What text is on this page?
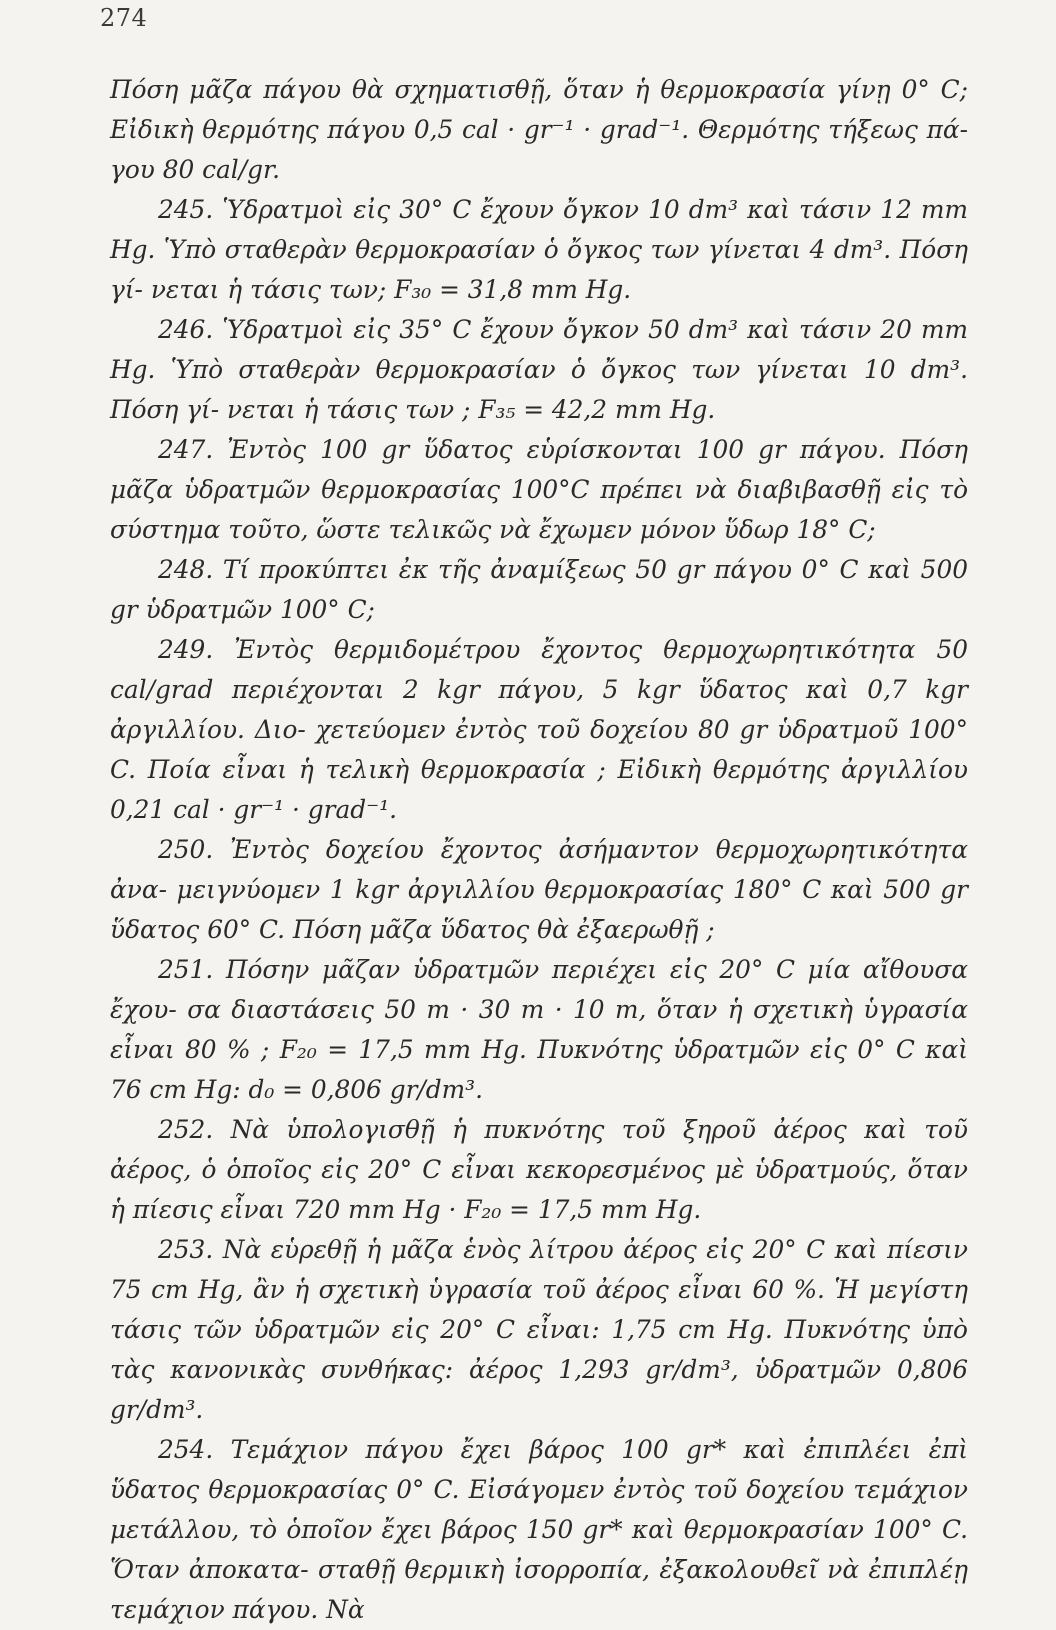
274

Πόση μᾶζα πάγου θὰ σχηματισθῇ, ὅταν ἡ θερμοκρασία γίνῃ 0° C; Εἰδικὴ θερμότης πάγου 0,5 cal · gr⁻¹ · grad⁻¹. Θερμότης τήξεως πά- γου 80 cal/gr.

245. Ὑδρατμοὶ εἰς 30° C ἔχουν ὄγκον 10 dm³ καὶ τάσιν 12 mm Hg. Ὑπὸ σταθερὰν θερμοκρασίαν ὁ ὄγκος των γίνεται 4 dm³. Πόση γί- νεται ἡ τάσις των; F₃₀ = 31,8 mm Hg.

246. Ὑδρατμοὶ εἰς 35° C ἔχουν ὄγκον 50 dm³ καὶ τάσιν 20 mm Hg. Ὑπὸ σταθερὰν θερμοκρασίαν ὁ ὄγκος των γίνεται 10 dm³. Πόση γί- νεται ἡ τάσις των ; F₃₅ = 42,2 mm Hg.

247. Ἐντὸς 100 gr ὕδατος εὑρίσκονται 100 gr πάγου. Πόση μᾶζα ὑδρατμῶν θερμοκρασίας 100°C πρέπει νὰ διαβιβασθῇ εἰς τὸ σύστημα τοῦτο, ὥστε τελικῶς νὰ ἔχωμεν μόνον ὕδωρ 18° C;

248. Τί προκύπτει ἐκ τῆς ἀναμίξεως 50 gr πάγου 0° C καὶ 500 gr ὑδρατμῶν 100° C;

249. Ἐντὸς θερμιδομέτρου ἔχοντος θερμοχωρητικότητα 50 cal/grad περιέχονται 2 kgr πάγου, 5 kgr ὕδατος καὶ 0,7 kgr ἀργιλλίου. Διο- χετεύομεν ἐντὸς τοῦ δοχείου 80 gr ὑδρατμοῦ 100° C. Ποία εἶναι ἡ τελικὴ θερμοκρασία ; Εἰδικὴ θερμότης ἀργιλλίου 0,21 cal · gr⁻¹ · grad⁻¹.

250. Ἐντὸς δοχείου ἔχοντος ἀσήμαντον θερμοχωρητικότητα ἀνα- μειγνύομεν 1 kgr ἀργιλλίου θερμοκρασίας 180° C καὶ 500 gr ὕδατος 60° C. Πόση μᾶζα ὕδατος θὰ ἐξαερωθῇ ;

251. Πόσην μᾶζαν ὑδρατμῶν περιέχει εἰς 20° C μία αἴθουσα ἔχου- σα διαστάσεις 50 m · 30 m · 10 m, ὅταν ἡ σχετικὴ ὑγρασία εἶναι 80 % ; F₂₀ = 17,5 mm Hg. Πυκνότης ὑδρατμῶν εἰς 0° C καὶ 76 cm Hg: d₀ = 0,806 gr/dm³.

252. Νὰ ὑπολογισθῇ ἡ πυκνότης τοῦ ξηροῦ ἀέρος καὶ τοῦ ἀέρος, ὁ ὁποῖος εἰς 20° C εἶναι κεκορεσμένος μὲ ὑδρατμούς, ὅταν ἡ πίεσις εἶναι 720 mm Hg · F₂₀ = 17,5 mm Hg.

253. Νὰ εὑρεθῇ ἡ μᾶζα ἑνὸς λίτρου ἀέρος εἰς 20° C καὶ πίεσιν 75 cm Hg, ἂν ἡ σχετικὴ ὑγρασία τοῦ ἀέρος εἶναι 60 %. Ἡ μεγίστη τάσις τῶν ὑδρατμῶν εἰς 20° C εἶναι: 1,75 cm Hg. Πυκνότης ὑπὸ τὰς κανονικὰς συνθήκας: ἀέρος 1,293 gr/dm³, ὑδρατμῶν 0,806 gr/dm³.

254. Τεμάχιον πάγου ἔχει βάρος 100 gr* καὶ ἐπιπλέει ἐπὶ ὕδατος θερμοκρασίας 0° C. Εἰσάγομεν ἐντὸς τοῦ δοχείου τεμάχιον μετάλλου, τὸ ὁποῖον ἔχει βάρος 150 gr* καὶ θερμοκρασίαν 100° C. Ὅταν ἀποκατα- σταθῇ θερμικὴ ἰσορροπία, ἐξακολουθεῖ νὰ ἐπιπλέῃ τεμάχιον πάγου. Νὰ
